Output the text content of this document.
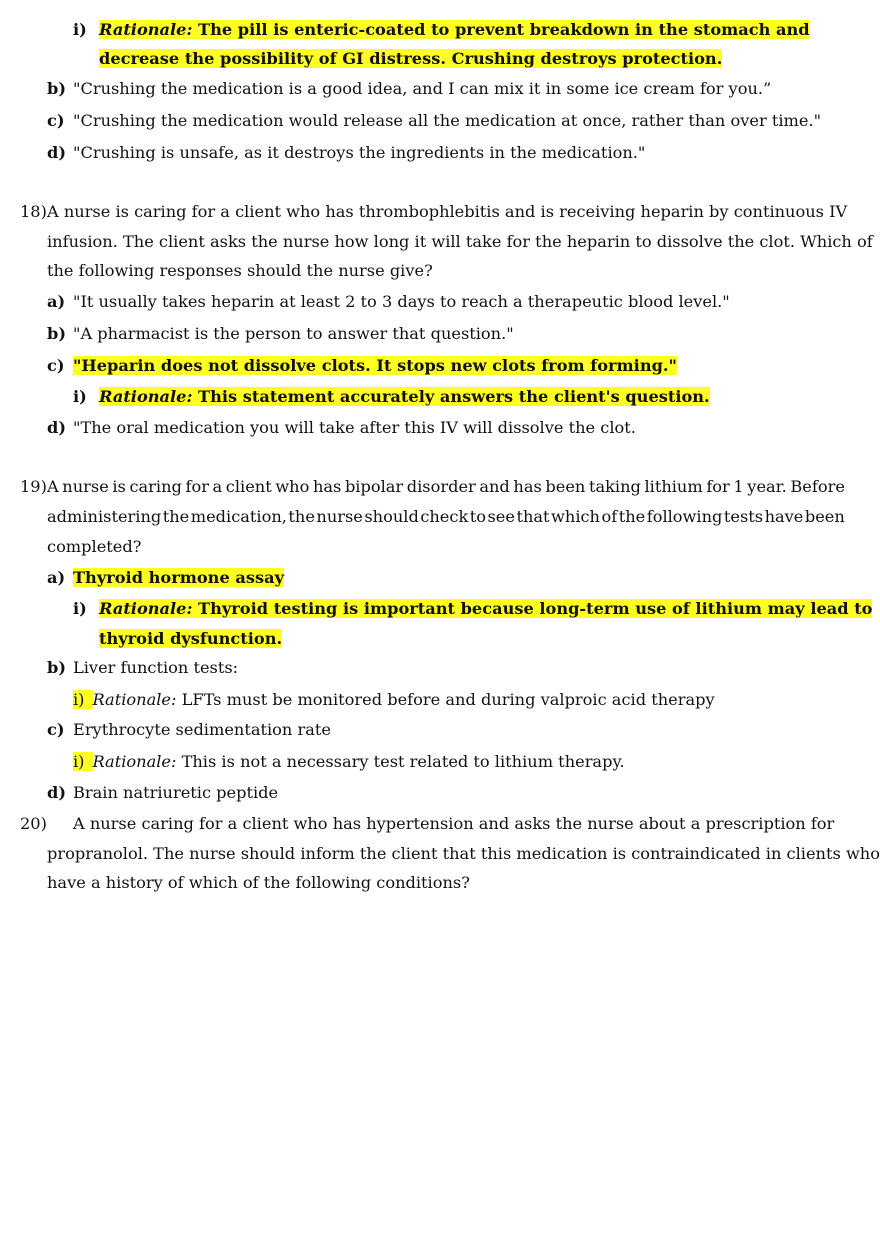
i) Rationale: The pill is enteric-coated to prevent breakdown in the stomach and
decrease the possibility of GI distress. Crushing destroys protection.
b) "Crushing the medication is a good idea, and I can mix it in some ice cream for you.”
c) "Crushing the medication would release all the medication at once, rather than over time."
d) "Crushing is unsafe, as it destroys the ingredients in the medication."
18) A nurse is caring for a client who has thrombophlebitis and is receiving heparin by continuous IV
infusion. The client asks the nurse how long it will take for the heparin to dissolve the clot. Which of
the following responses should the nurse give?
a) "It usually takes heparin at least 2 to 3 days to reach a therapeutic blood level."
b) "A pharmacist is the person to answer that question."
c) "Heparin does not dissolve clots. It stops new clots from forming."
i) Rationale: This statement accurately answers the client's question.
d) "The oral medication you will take after this IV will dissolve the clot.
19) A nurse is caring for a client who has bipolar disorder and has been taking lithium for 1 year. Before
administering the medication, the nurse should check to see that which of the following tests have been
completed?
a) Thyroid hormone assay
i) Rationale: Thyroid testing is important because long-term use of lithium may lead to
thyroid dysfunction.
b) Liver function tests:
i) Rationale: LFTs must be monitored before and during valproic acid therapy
c) Erythrocyte sedimentation rate
i) Rationale: This is not a necessary test related to lithium therapy.
d) Brain natriuretic peptide
20) A nurse caring for a client who has hypertension and asks the nurse about a prescription for
propranolol. The nurse should inform the client that this medication is contraindicated in clients who
have a history of which of the following conditions?
